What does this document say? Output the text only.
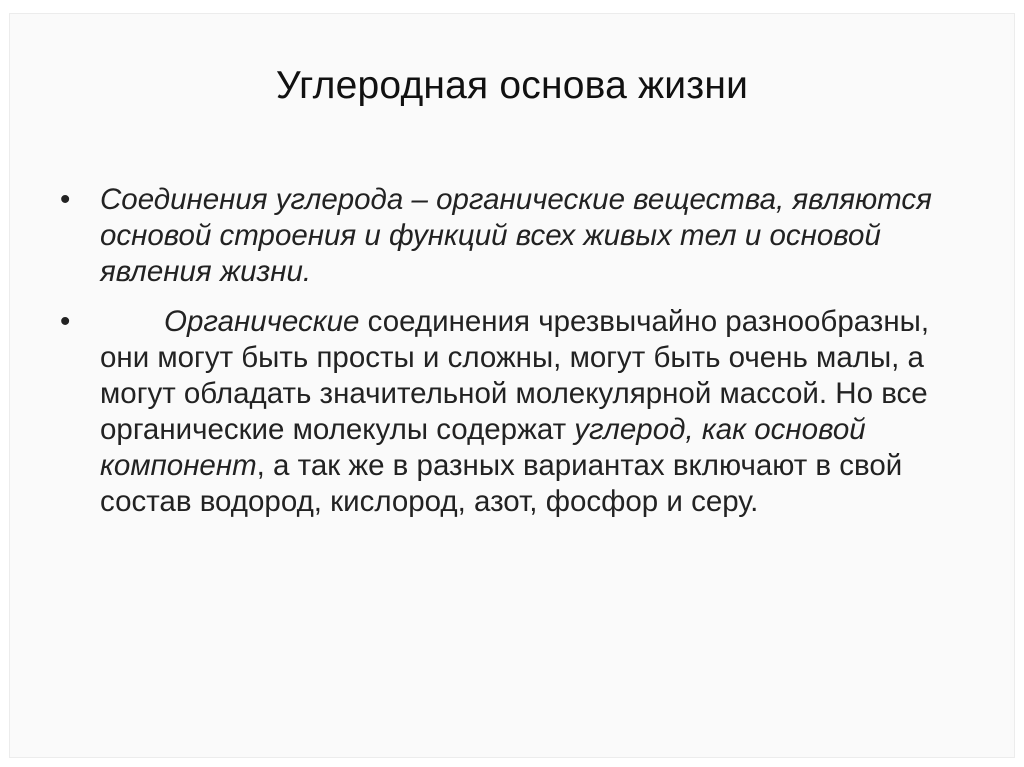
Углеродная основа жизни
• Соединения углерода – органические вещества, являются основой строения и функций всех живых тел и основой явления жизни.
•	Органические соединения чрезвычайно разнообразны, они могут быть просты и сложны, могут быть очень малы, а могут обладать значительной молекулярной массой. Но все органические молекулы содержат углерод, как основой компонент, а так же в разных вариантах включают в свой состав водород, кислород, азот, фосфор и серу.
